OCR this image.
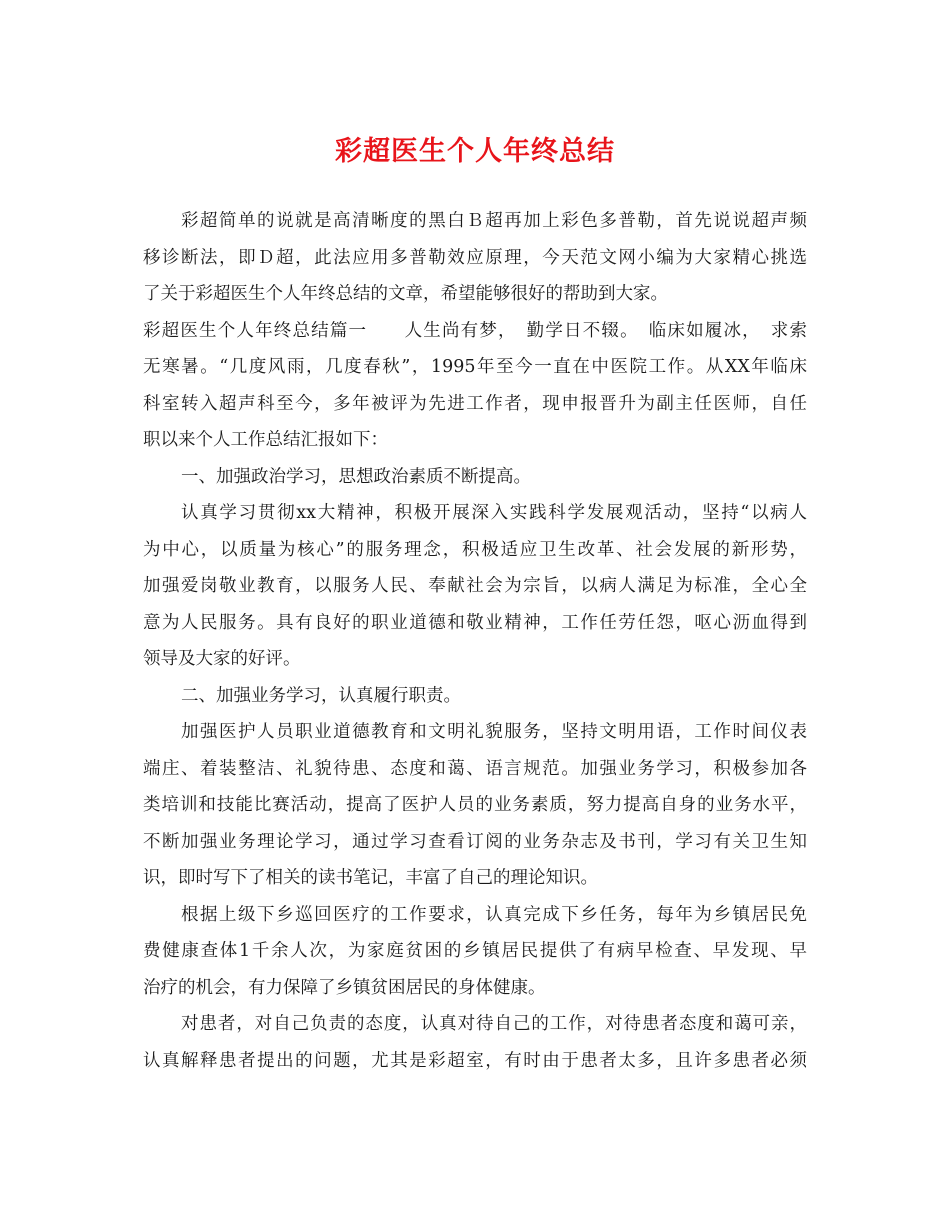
彩超医生个人年终总结
彩超简单的说就是高清晰度的黑白Ｂ超再加上彩色多普勒，首先说说超声频
移诊断法，即Ｄ超，此法应用多普勒效应原理，今天范文网小编为大家精心挑选
了关于彩超医生个人年终总结的文章，希望能够很好的帮助到大家。
彩超医生个人年终总结篇一　　人生尚有梦，　勤学日不辍。　临床如履冰，　求索
无寒暑。“几度风雨，几度春秋”，1995年至今一直在中医院工作。从XX年临床
科室转入超声科至今，多年被评为先进工作者，现申报晋升为副主任医师，自任
职以来个人工作总结汇报如下：
一、加强政治学习，思想政治素质不断提高。
认真学习贯彻xx大精神，积极开展深入实践科学发展观活动，坚持“以病人
为中心，以质量为核心”的服务理念，积极适应卫生改革、社会发展的新形势，
加强爱岗敬业教育，以服务人民、奉献社会为宗旨，以病人满足为标准，全心全
意为人民服务。具有良好的职业道德和敬业精神，工作任劳任怨，呕心沥血得到
领导及大家的好评。
二、加强业务学习，认真履行职责。
加强医护人员职业道德教育和文明礼貌服务，坚持文明用语，工作时间仪表
端庄、着装整洁、礼貌待患、态度和蔼、语言规范。加强业务学习，积极参加各
类培训和技能比赛活动，提高了医护人员的业务素质，努力提高自身的业务水平，
不断加强业务理论学习，通过学习查看订阅的业务杂志及书刊，学习有关卫生知
识，即时写下了相关的读书笔记，丰富了自己的理论知识。
根据上级下乡巡回医疗的工作要求，认真完成下乡任务，每年为乡镇居民免
费健康查体1千余人次，为家庭贫困的乡镇居民提供了有病早检查、早发现、早
治疗的机会，有力保障了乡镇贫困居民的身体健康。
对患者，对自己负责的态度，认真对待自己的工作，对待患者态度和蔼可亲，
认真解释患者提出的问题，尤其是彩超室，有时由于患者太多，且许多患者必须
